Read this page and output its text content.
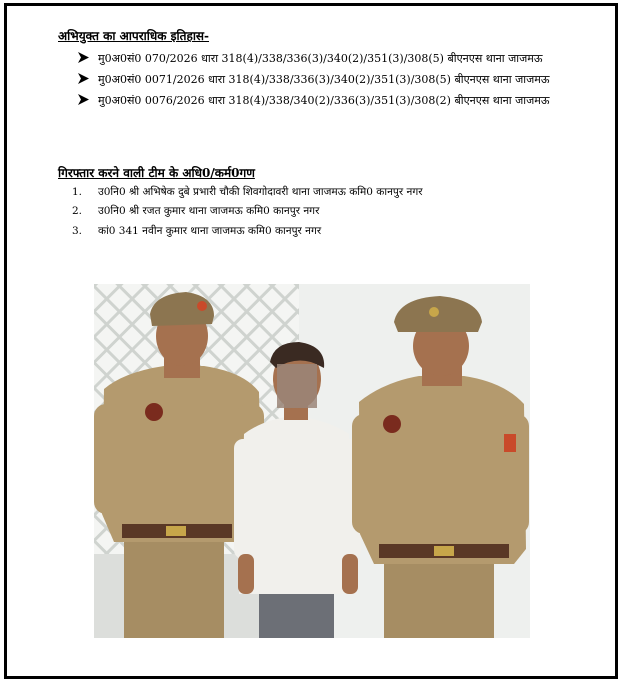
अभियुक्त का आपराधिक इतिहास-
मु0अ0सं0 070/2026 धारा 318(4)/338/336(3)/340(2)/351(3)/308(5) बीएनएस थाना जाजमऊ
मु0अ0सं0 0071/2026 धारा 318(4)/338/336(3)/340(2)/351(3)/308(5) बीएनएस थाना जाजमऊ
मु0अ0सं0 0076/2026 धारा 318(4)/338/340(2)/336(3)/351(3)/308(2) बीएनएस थाना जाजमऊ
गिरफ्तार करने वाली टीम के अधि0/कर्म0गण
1.	उ0नि0 श्री अभिषेक दुबे प्रभारी चौकी शिवगोदावरी थाना जाजमऊ कमि0 कानपुर नगर
2.	उ0नि0 श्री रजत कुमार थाना जाजमऊ कमि0 कानपुर नगर
3.	कां0 341 नवीन कुमार थाना जाजमऊ कमि0 कानपुर नगर
